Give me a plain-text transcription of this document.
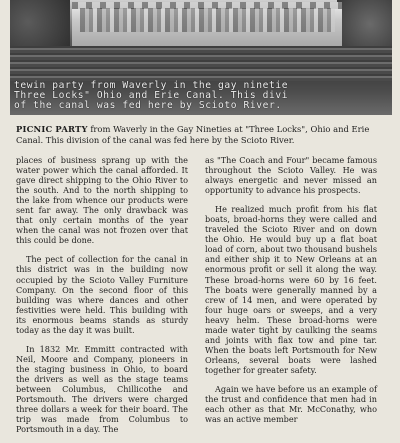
tewin party from Waverly in the gay ninetie
Three Locks" Ohio and Erie Canal. This divi
of the canal was fed here by Scioto River.
PICNIC PARTY from Waverly in the Gay Nineties at "Three Locks", Ohio and Erie Canal. This division of the canal was fed here by the Scioto River.

places of business sprang up with the water power which the canal afforded. It gave direct shipping to the Ohio River to the south. And to the north shipping to the lake from whence our products were sent far away. The only drawback was that only certain months of the year when the canal was not frozen over that this could be done.

The pect of collection for the canal in this district was in the building now occupied by the Scioto Valley Furniture Company. On the second floor of this building was where dances and other festivities were held. This building with its enormous beams stands as sturdy today as the day it was built.

In 1832 Mr. Emmitt contracted with Neil, Moore and Company, pioneers in the staging business in Ohio, to board the drivers as well as the stage teams between Columbus, Chillicothe and Portsmouth. The drivers were charged three dollars a week for their board. The trip was made from Columbus to Portsmouth in a day. The

as "The Coach and Four" became famous throughout the Scioto Valley. He was always energetic and never missed an opportunity to advance his prospects.

He realized much profit from his flat boats, broad-horns they were called and traveled the Scioto River and on down the Ohio. He would buy up a flat boat load of corn, about two thousand bushels and either ship it to New Orleans at an enormous profit or sell it along the way. These broad-horns were 60 by 16 feet. The boats were generally manned by a crew of 14 men, and were operated by four huge oars or sweeps, and a very heavy helm. These broad-horns were made water tight by caulking the seams and joints with flax tow and pine tar. When the boats left Portsmouth for New Orleans, several boats were lashed together for greater safety.

Again we have before us an example of the trust and confidence that men had in each other as that Mr. McConathy, who was an active member
